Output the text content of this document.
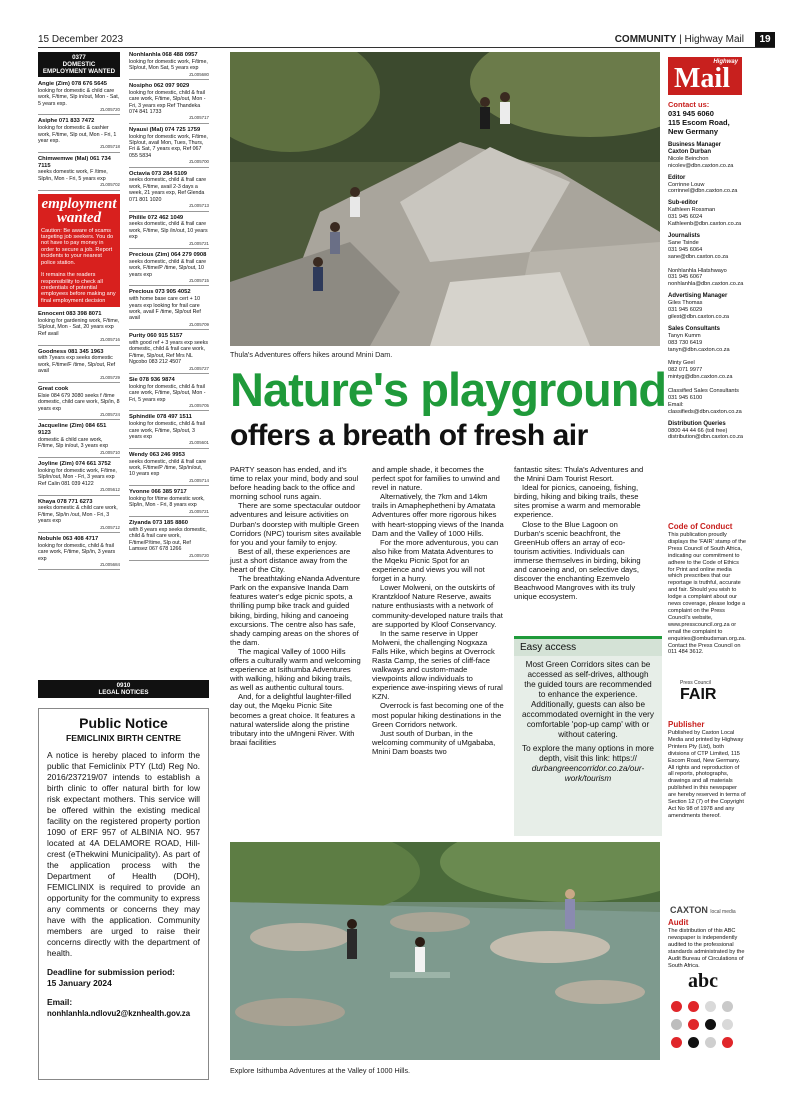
15 December 2023	COMMUNITY | Highway Mail	19
0377
DOMESTIC EMPLOYMENT WANTED
Angie (Zim) 078 676 5645
looking for domestic & child care work, F/time, Slp in/out, Mon - Sat, 5 years exp.
ZL005720
Asiphe 071 833 7472
looking for domestic & cashier work, F/time, Slp out, Mon - Fri, 1 year exp.
ZL005718
Chimwemwe (Mal) 061 734 7115
seeks domestic work, F /time, Slp/in, Mon - Fri, 5 years exp
ZL005702
employment wanted
Caution: Be aware of scams targeting job seekers. You do not have to pay money in order to secure a job. Report incidents to your nearest police station.
It remains the readers responsibility to check all credentials of potential employees before making any final employment decision
Ennocent 083 398 8071
looking for gardening work, F/time, Slp/out, Mon - Sat, 20 years exp Ref avail
ZL005716
Goodness 081 345 1963
with 7years exp seeks domestic work, F/time/F /time, Slp/out, Ref avail
ZL005729
Great cook
Elsie 084 679 3080 seeks f /time domestic, child care work, Slp/in, 8 years exp
ZL005724
Jacqueline (Zim) 084 651 9123
domestic & child care work, F/time, Slp in/out, 3 years exp
ZL005710
Joyline (Zim) 074 661 3752
looking for domestic work, F/time, Slp/in/out, Mon - Fri, 3 years exp Ref Calin 081 039 4122
ZL005612
Khaya 078 771 6273
seeks domestic & child care work, F/time, Slp/in /out, Mon - Fri, 3 years exp
ZL005712
Nobuhle 063 408 4717
looking for domestic, child & frail care work, F/time, Slp/in, 3 years exp
ZL005684
Nonhlanhla 068 488 0957
looking for domestic work, F/time, Slp/out, Mon Sat, 5 years exp
ZL005680
Nosipho 062 097 9029
looking for domestic, child & frail care work, F/time, Slp/out, Mon - Fri, 3 years exp Ref Thandeka 074 841 1733
ZL005717
Nyausi (Mal) 074 725 1759
looking for domestic work, F/time, Slp/out, avail Mon, Tues, Thurs, Fri & Sat, 7 years exp, Ref 067 055 5834
ZL005700
Octavia 073 284 5109
seeks domestic, child & frail care work, F/time, avail 2-3 days a week, 21 years exp, Ref Glenda 071 801 1020
ZL005713
Philile 072 462 1049
seeks domestic, child & frail care work, F/time, Slp /in/out, 10 years exp
ZL005721
Precious (Zim) 064 279 0908
seeks domestic, child & frail care work, F/time/P /time, Slp/out, 10 years exp
ZL005715
Precious 073 905 4052
with home base care cert + 10 years exp looking for frail care work, avail F /time, Slp/out Ref avail
ZL005709
Purity 060 915 5157
with good ref + 3 years exp seeks domestic, child & frail care work, F/time, Slp/out, Ref Mrs NL Ngcobo 083 212 4507
ZL005727
Sie 078 936 9874
looking for domestic, child & frail care work, F/time, Slp/out, Mon - Fri, 5 years exp
ZL005705
Sphindile 078 497 1511
looking for domestic, child & frail care work, F/time, Slp/out, 3 years exp
ZL005601
Wendy 063 246 9953
seeks domestic, child & frail care work, F/time/P /time, Slp/in/out, 10 years exp
ZL005714
Yvonne 066 385 9717
looking for f/time domestic work, Slp/in, Mon - Fri, 8 years exp
ZL005721
Ziyanda 073 185 8860
with 8 years exp seeks domestic, child & frail care work, F/time/P/time, Slp out, Ref Lamsez 067 678 1266
ZL005720
0910
LEGAL NOTICES
Public Notice
FEMICLINIX BIRTH CENTRE
A notice is hereby placed to inform the public that Femiclinix PTY (Ltd) Reg No. 2016/237219/07 intends to establish a birth clinic to offer natural birth for low risk expectant mothers. This service will be offered within the existing medical facility on the registered property portion 1090 of ERF 957 of ALBINIA NO. 957 located at 4A DELAMORE ROAD, Hill-crest (eThekwini Municipality). As part of the application process with the Department of Health (DOH), FEMICLINIX is required to provide an opportunity for the community to express any comments or concerns they may have with the application. Community members are urged to raise their concerns directly with the department of health.
Deadline for submission period:
15 January 2024
Email:
nonhlanhla.ndlovu2@kznhealth.gov.za
Thula's Adventures offers hikes around Mnini Dam.
Nature's playground
offers a breath of fresh air

PARTY season has ended, and it's time to relax your mind, body and soul before heading back to the office and morning school runs again.

There are some spectacular outdoor adventures and leisure activities on Durban's doorstep with multiple Green Corridors (NPC) tourism sites available for you and your family to enjoy.

Best of all, these experiences are just a short distance away from the heart of the City.

The breathtaking eNanda Adventure Park on the expansive Inanda Dam features water's edge picnic spots, a thrilling pump bike track and guided biking, birding, hiking and canoeing excursions. The centre also has safe, shady camping areas on the shores of the dam.

The magical Valley of 1000 Hills offers a culturally warm and welcoming experience at Isithumba Adventures with walking, hiking and biking trails, as well as authentic cultural tours.

And, for a delightful laughter-filled day out, the Mqeku Picnic Site becomes a great choice. It features a natural waterslide along the pristine tributary into the uMngeni River. With braai facilities

and ample shade, it becomes the perfect spot for families to unwind and revel in nature.

Alternatively, the 7km and 14km trails in Amaphephetheni by Amatata Adventures offer more rigorous hikes with heart-stopping views of the Inanda Dam and the Valley of 1000 Hills.

For the more adventurous, you can also hike from Matata Adventures to the Mqeku Picnic Spot for an experience and views you will not forget in a hurry.

Lower Molweni, on the outskirts of Krantzkloof Nature Reserve, awaits nature enthusiasts with a network of community-developed nature trails that are supported by Kloof Conservancy.

In the same reserve in Upper Molweni, the challenging Nogxaza Falls Hike, which begins at Overrock Rasta Camp, the series of cliff-face walkways and custom-made viewpoints allow individuals to experience awe-inspiring views of rural KZN.

Overrock is fast becoming one of the most popular hiking destinations in the Green Corridors network.

Just south of Durban, in the welcoming community of uMgababa, Mnini Dam boasts two

fantastic sites: Thula's Adventures and the Mnini Dam Tourist Resort.

Ideal for picnics, canoeing, fishing, birding, hiking and biking trails, these sites promise a warm and memorable experience.

Close to the Blue Lagoon on Durban's scenic beachfront, the GreenHub offers an array of eco-tourism activities. Individuals can immerse themselves in birding, biking and canoeing and, on selective days, discover the enchanting Ezemvelo Beachwood Mangroves with its truly unique ecosystem.

Easy access
Most Green Corridors sites can be accessed as self-drives, although the guided tours are recommended to enhance the experience. Additionally, guests can also be accommodated overnight in the very comfortable 'pop-up camp' with or without catering.
To explore the many options in more depth, visit this link: https://
durbangreencorridor.co.za/our-work/tourism
Explore Isithumba Adventures at the Valley of 1000 Hills.
Highway
Mail
Contact us:
031 945 6060
115 Escom Road,
New Germany
Business Manager
Caxton Durban
Nicole Beinchon
nicolev@dbn.caxton.co.za
Editor
Corrinne Louw
corrinnel@dbn.caxton.co.za
Sub-editor
Kathleen Rossman
031 945 6024
Kathleenb@dbn.caxton.co.za
Journalists
Sane Tsinde
031 945 6064
sane@dbn.caxton.co.za

Nonhlanhla Hlatshwayo
031 945 6067
nonhlanhla@dbn.caxton.co.za
Advertising Manager
Giles Thomas
031 945 6029
gilest@dbn.caxton.co.za
Sales Consultants
Tanyn Kumm
083 730 6419
tanyn@dbn.caxton.co.za

Minty Geel
082 071 9977
mintyg@dbn.caxton.co.za

Classified Sales Consultants
031 945 6100
Email:
classifieds@dbn.caxton.co.za
Distribution Queries
0800 44 44 66 (toll free)
distribution@dbn.caxton.co.za
Code of Conduct
This publication proudly displays the 'FAIR' stamp of the Press Council of South Africa, indicating our commitment to adhere to the Code of Ethics for Print and online media which prescribes that our reportage is truthful, accurate and fair. Should you wish to lodge a complaint about our news coverage, please lodge a complaint on the Press Council's website, www.presscouncil.org.za or email the complaint to enquiries@ombudsman.org.za. Contact the Press Council on 011 484 3612.
Press Council
FAIR
Publisher
Published by Caxton Local Media and printed by Highway Printers Pty (Ltd), both divisions of CTP Limited, 115 Escom Road, New Germany. All rights and reproduction of all reports, photographs, drawings and all materials published in this newspaper are hereby reserved in terms of Section 12 (7) of the Copyright Act No 98 of 1978 and any amendments thereof.
CAXTON local media
Audit
The distribution of this ABC newspaper is independently audited to the professional standards administrated by the Audit Bureau of Circulations of South Africa.
abc
